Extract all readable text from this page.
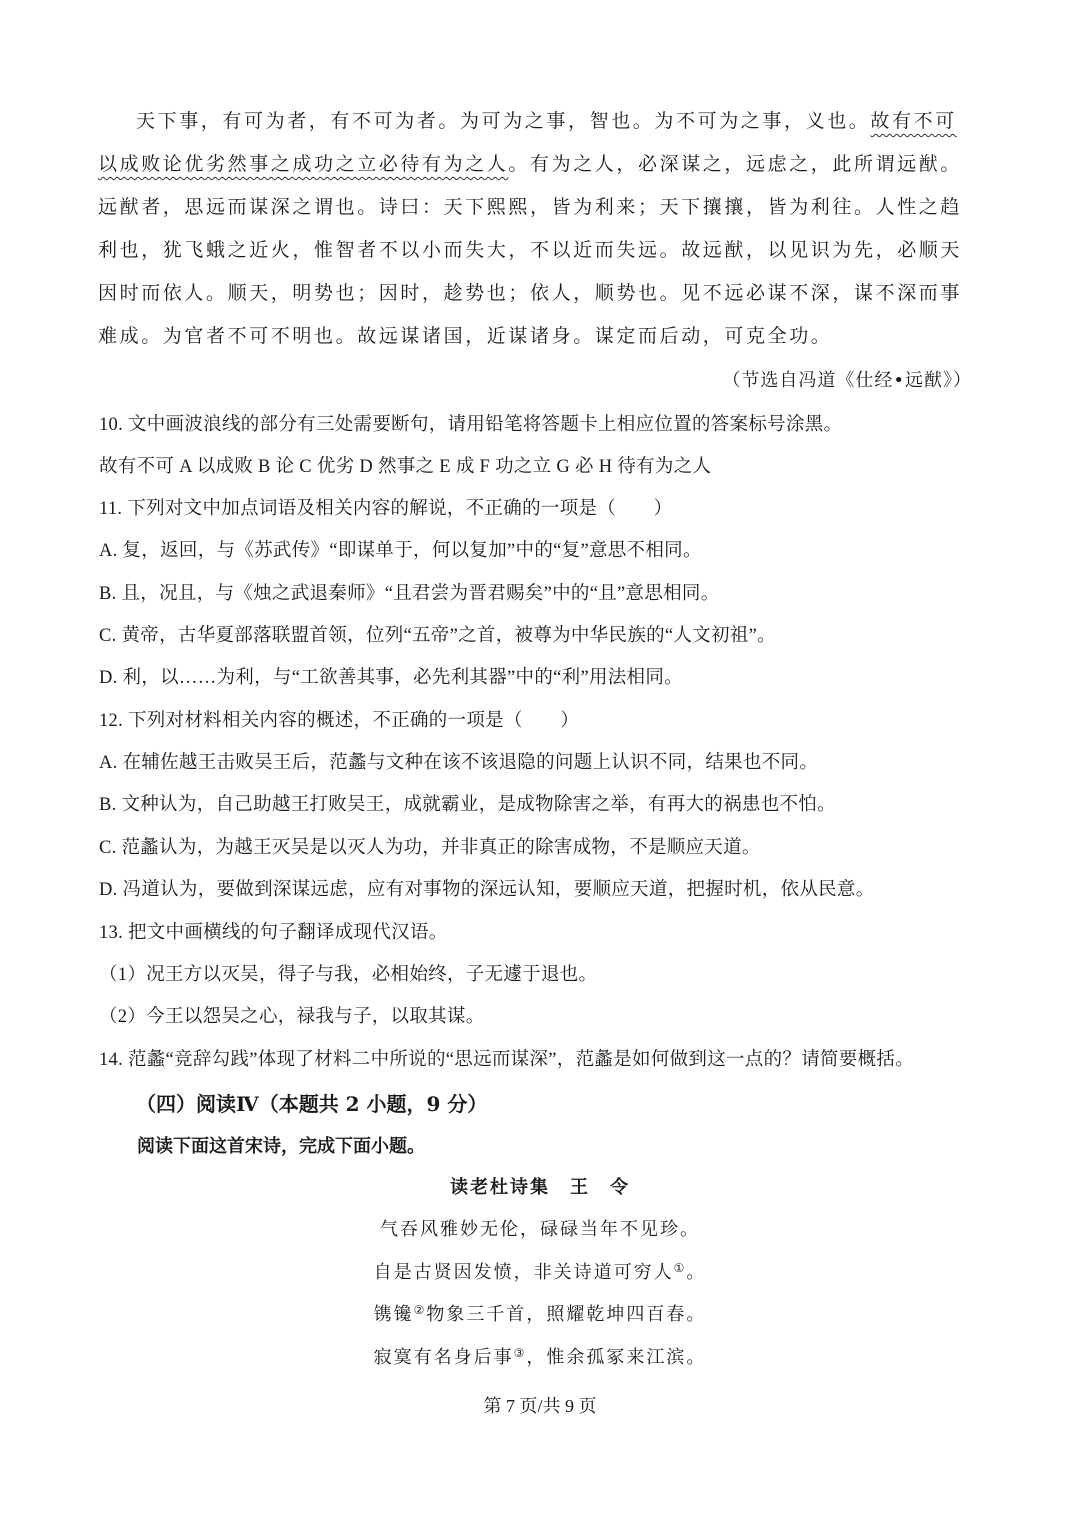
天下事，有可为者，有不可为者。为可为之事，智也。为不可为之事，义也。故有不可以成败论优劣然事之成功之立必待有为之人。有为之人，必深谋之，远虑之，此所谓远猷。远猷者，思远而谋深之谓也。诗曰：天下熙熙，皆为利来；天下攘攘，皆为利往。人性之趋利也，犹飞蛾之近火，惟智者不以小而失大，不以近而失远。故远猷，以见识为先，必顺天因时而依人。顺天，明势也；因时，趁势也；依人，顺势也。见不远必谋不深，谋不深而事难成。为官者不可不明也。故远谋诸国，近谋诸身。谋定而后动，可克全功。
（节选自冯道《仕经•远猷》）
10. 文中画波浪线的部分有三处需要断句，请用铅笔将答题卡上相应位置的答案标号涂黑。
故有不可 A 以成败 B 论 C 优劣 D 然事之 E 成 F 功之立 G 必 H 待有为之人
11. 下列对文中加点词语及相关内容的解说，不正确的一项是（　　）
A. 复，返回，与《苏武传》“即谋单于，何以复加”中的“复”意思不相同。
B. 且，况且，与《烛之武退秦师》“且君尝为晋君赐矣”中的“且”意思相同。
C. 黄帝，古华夏部落联盟首领，位列“五帝”之首，被尊为中华民族的“人文初祖”。
D. 利，以……为利，与“工欲善其事，必先利其器”中的“利”用法相同。
12. 下列对材料相关内容的概述，不正确的一项是（　　）
A. 在辅佐越王击败吴王后，范蠡与文种在该不该退隐的问题上认识不同，结果也不同。
B. 文种认为，自己助越王打败吴王，成就霸业，是成物除害之举，有再大的祸患也不怕。
C. 范蠡认为，为越王灭吴是以灭人为功，并非真正的除害成物，不是顺应天道。
D. 冯道认为，要做到深谋远虑，应有对事物的深远认知，要顺应天道，把握时机，依从民意。
13. 把文中画横线的句子翻译成现代汉语。
（1）况王方以灭吴，得子与我，必相始终，子无遽于退也。
（2）今王以怨吴之心，禄我与子，以取其谋。
14. 范蠡“竞辞勾践”体现了材料二中所说的“思远而谋深”，范蠡是如何做到这一点的？请简要概括。
（四）阅读Ⅳ（本题共 2 小题，9 分）
阅读下面这首宋诗，完成下面小题。
读老杜诗集　王　令
气吞风雅妙无伦，碌碌当年不见珍。
自是古贤因发愤，非关诗道可穷人①。
镌镵②物象三千首，照耀乾坤四百春。
寂寞有名身后事③，惟余孤冢来江滨。
第 7 页/共 9 页
